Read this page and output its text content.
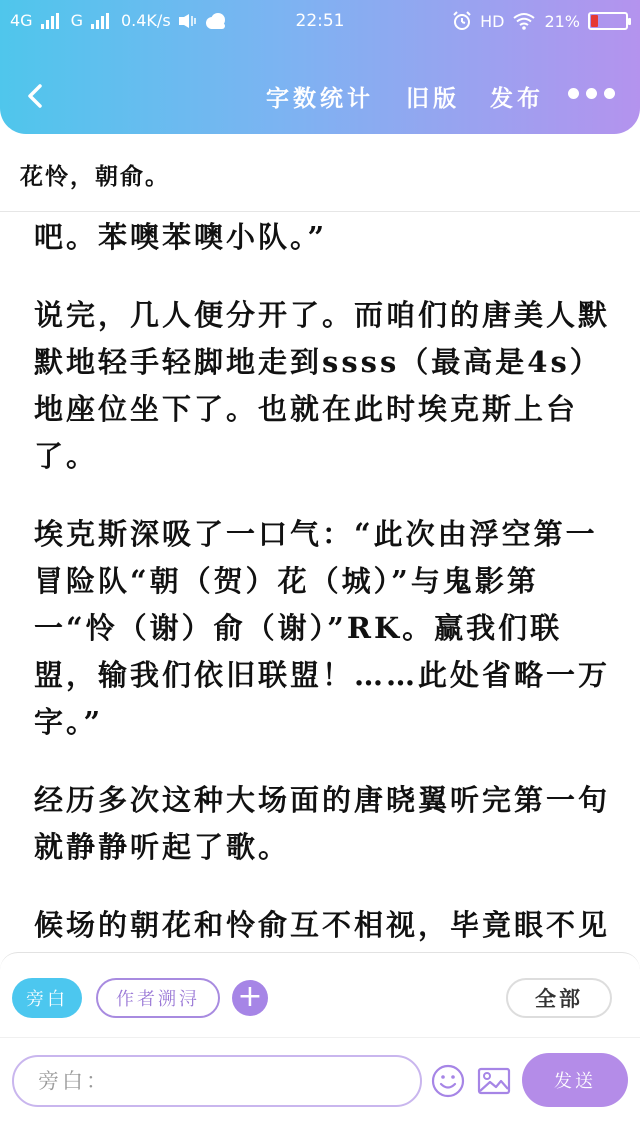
4G G 0.4K/s	22:51	HD	21%
字数统计 旧版 发布
花怜，朝俞。

吧。苯噢苯噢小队。”

说完，几人便分开了。而咱们的唐美人默默地轻手轻脚地走到ssss（最高是4s）地座位坐下了。也就在此时埃克斯上台了。

埃克斯深吸了一口气：“此次由浮空第一冒险队“朝（贺）花（城）”与鬼影第一“怜（谢）俞（谢）”RK。赢我们联盟，输我们依旧联盟！……此处省略一万字。”

经历多次这种大场面的唐晓翼听完第一句就静静听起了歌。

候场的朝花和怜俞互不相视，毕竟眼不见

旁白	作者溯浔	+	全部
旁白：
发送
